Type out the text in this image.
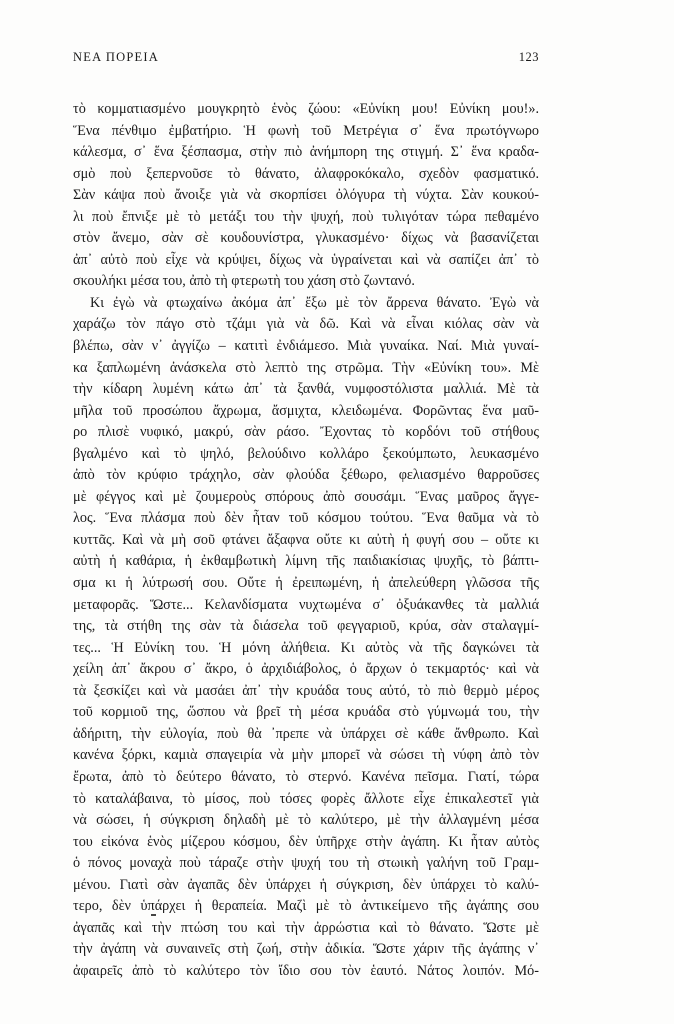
ΝΕΑ ΠΟΡΕΙΑ	123
τὸ κομματιασμένο μουγκρητὸ ἑνὸς ζώου: «Εὐνίκη μου! Εὐνίκη μου!».
Ἕνα πένθιμο ἐμβατήριο. Ἡ φωνὴ τοῦ Μετρέγια σ᾽ ἕνα πρωτόγνωρο
κάλεσμα, σ᾽ ἕνα ξέσπασμα, στὴν πιὸ ἀνήμπορη της στιγμή. Σ᾽ ἕνα κραδα-
σμὸ ποὺ ξεπερνοῦσε τὸ θάνατο, ἀλαφροκόκαλο, σχεδὸν φασματικό.
Σὰν κάψα ποὺ ἄνοιξε γιὰ νὰ σκορπίσει ὀλόγυρα τὴ νύχτα. Σὰν κουκού-
λι ποὺ ἔπνιξε μὲ τὸ μετάξι του τὴν ψυχή, ποὺ τυλιγόταν τώρα πεθαμένο
στὸν ἄνεμο, σὰν σὲ κουδουνίστρα, γλυκασμένο· δίχως νὰ βασανίζεται
ἀπ᾽ αὐτὸ ποὺ εἶχε νὰ κρύψει, δίχως νὰ ὑγραίνεται καὶ νὰ σαπίζει ἀπ᾽ τὸ
σκουλήκι μέσα του, ἀπὸ τὴ φτερωτὴ του χάση στὸ ζωντανό.
Κι ἐγὼ νὰ φτωχαίνω ἀκόμα ἀπ᾽ ἔξω μὲ τὸν ἄρρενα θάνατο. Ἐγὼ νὰ
χαράζω τὸν πάγο στὸ τζάμι γιὰ νὰ δῶ. Καὶ νὰ εἶναι κιόλας σὰν νὰ
βλέπω, σὰν ν᾽ ἀγγίζω – κατιτὶ ἐνδιάμεσο. Μιὰ γυναίκα. Ναί. Μιὰ γυναί-
κα ξαπλωμένη ἀνάσκελα στὸ λεπτὸ της στρῶμα. Τὴν «Εὐνίκη του». Μὲ
τὴν κίδαρη λυμένη κάτω ἀπ᾽ τὰ ξανθά, νυμφοστόλιστα μαλλιά. Μὲ τὰ
μῆλα τοῦ προσώπου ἄχρωμα, ἄσμιχτα, κλειδωμένα. Φορῶντας ἕνα μαῦ-
ρο πλισὲ νυφικό, μακρύ, σὰν ράσο. Ἔχοντας τὸ κορδόνι τοῦ στήθους
βγαλμένο καὶ τὸ ψηλό, βελούδινο κολλάρο ξεκούμπωτο, λευκασμένο
ἀπὸ τὸν κρύφιο τράχηλο, σὰν φλούδα ξέθωρο, φελιασμένο θαρροῦσες
μὲ φέγγος καὶ μὲ ζουμεροὺς σπόρους ἀπὸ σουσάμι. Ἕνας μαῦρος ἄγγε-
λος. Ἕνα πλάσμα ποὺ δὲν ἦταν τοῦ κόσμου τούτου. Ἕνα θαῦμα νὰ τὸ
κυττᾶς. Καὶ νὰ μὴ σοῦ φτάνει ἄξαφνα οὔτε κι αὐτὴ ἡ φυγή σου – οὔτε κι
αὐτὴ ἡ καθάρια, ἡ ἐκθαμβωτικὴ λίμνη τῆς παιδιακίσιας ψυχῆς, τὸ βάπτι-
σμα κι ἡ λύτρωσή σου. Οὔτε ἡ ἐρειπωμένη, ἡ ἀπελεύθερη γλῶσσα τῆς
μεταφορᾶς. Ὥστε... Κελανδίσματα νυχτωμένα σ᾽ ὀξυάκανθες τὰ μαλλιά
της, τὰ στήθη της σὰν τὰ διάσελα τοῦ φεγγαριοῦ, κρύα, σὰν σταλαγμί-
τες... Ἡ Εὐνίκη του. Ἡ μόνη ἀλήθεια. Κι αὐτὸς νὰ τῆς δαγκώνει τὰ
χείλη ἀπ᾽ ἄκρου σ᾽ ἄκρο, ὁ ἀρχιδιάβολος, ὁ ἄρχων ὁ τεκμαρτός· καὶ νὰ
τὰ ξεσκίζει καὶ νὰ μασάει ἀπ᾽ τὴν κρυάδα τους αὐτό, τὸ πιὸ θερμὸ μέρος
τοῦ κορμιοῦ της, ὥσπου νὰ βρεῖ τὴ μέσα κρυάδα στὸ γύμνωμά του, τὴν
ἀδήριτη, τὴν εὐλογία, ποὺ θὰ ᾽πρεπε νὰ ὑπάρχει σὲ κάθε ἄνθρωπο. Καὶ
κανένα ξόρκι, καμιὰ σπαγειρία νὰ μὴν μπορεῖ νὰ σώσει τὴ νύφη ἀπὸ τὸν
ἔρωτα, ἀπὸ τὸ δεύτερο θάνατο, τὸ στερνό. Κανένα πεῖσμα. Γιατί, τώρα
τὸ καταλάβαινα, τὸ μίσος, ποὺ τόσες φορὲς ἄλλοτε εἶχε ἐπικαλεστεῖ γιὰ
νὰ σώσει, ἡ σύγκριση δηλαδὴ μὲ τὸ καλύτερο, μὲ τὴν ἀλλαγμένη μέσα
του εἰκόνα ἑνὸς μίζερου κόσμου, δὲν ὑπῆρχε στὴν ἀγάπη. Κι ἦταν αὐτὸς
ὁ πόνος μοναχὰ ποὺ τάραζε στὴν ψυχή του τὴ στωικὴ γαλήνη τοῦ Γραμ-
μένου. Γιατὶ σὰν ἀγαπᾶς δὲν ὑπάρχει ἡ σύγκριση, δὲν ὑπάρχει τὸ καλύ-
τερο, δὲν ὑπάρχει ἡ θεραπεία. Μαζὶ μὲ τὸ ἀντικείμενο τῆς ἀγάπης σου
ἀγαπᾶς καὶ τὴν πτώση του καὶ τὴν ἀρρώστια καὶ τὸ θάνατο. Ὥστε μὲ
τὴν ἀγάπη νὰ συναινεῖς στὴ ζωή, στὴν ἀδικία. Ὥστε χάριν τῆς ἀγάπης ν᾽
ἀφαιρεῖς ἀπὸ τὸ καλύτερο τὸν ἴδιο σου τὸν ἑαυτό. Νάτος λοιπόν. Μό-
